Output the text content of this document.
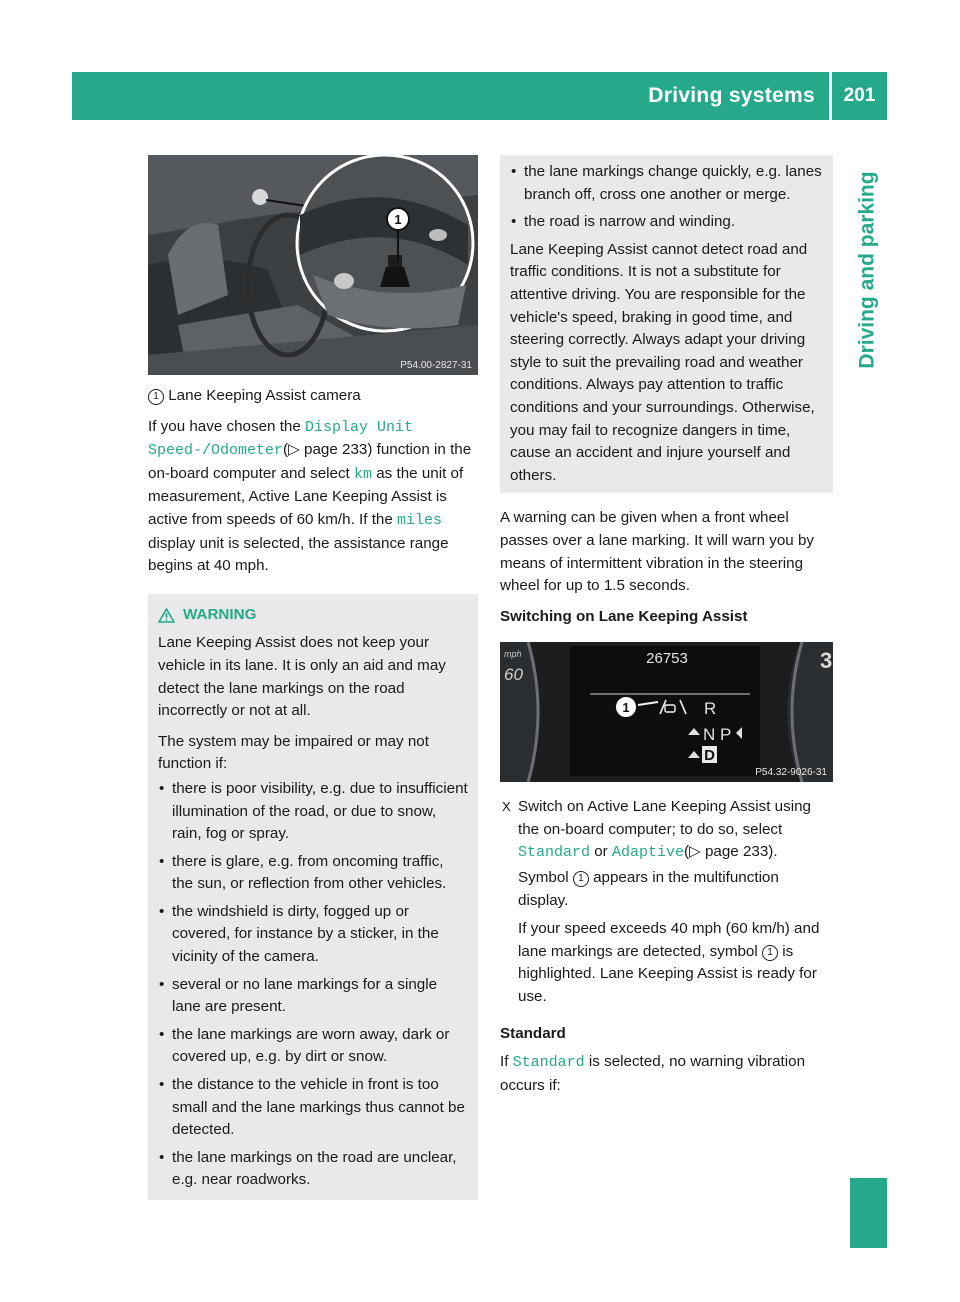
Driving systems	201
Driving and parking
1
P54.00-2827-31

1 Lane Keeping Assist camera

If you have chosen the Display Unit Speed-/Odometer(▷ page 233) function in the on-board computer and select km as the unit of measurement, Active Lane Keeping Assist is active from speeds of 60 km/h. If the miles display unit is selected, the assistance range begins at 40 mph.

WARNING

Lane Keeping Assist does not keep your vehicle in its lane. It is only an aid and may detect the lane markings on the road incorrectly or not at all.

The system may be impaired or may not function if:

• there is poor visibility, e.g. due to insufficient illumination of the road, or due to snow, rain, fog or spray.
• there is glare, e.g. from oncoming traffic, the sun, or reflection from other vehicles.
• the windshield is dirty, fogged up or covered, for instance by a sticker, in the vicinity of the camera.
• several or no lane markings for a single lane are present.
• the lane markings are worn away, dark or covered up, e.g. by dirt or snow.
• the distance to the vehicle in front is too small and the lane markings thus cannot be detected.
• the lane markings on the road are unclear, e.g. near roadworks.
• the lane markings change quickly, e.g. lanes branch off, cross one another or merge.
• the road is narrow and winding.

Lane Keeping Assist cannot detect road and traffic conditions. It is not a substitute for attentive driving. You are responsible for the vehicle's speed, braking in good time, and steering correctly. Always adapt your driving style to suit the prevailing road and weather conditions. Always pay attention to traffic conditions and your surroundings. Otherwise, you may fail to recognize dangers in time, cause an accident and injure yourself and others.

A warning can be given when a front wheel passes over a lane marking. It will warn you by means of intermittent vibration in the steering wheel for up to 1.5 seconds.

Switching on Lane Keeping Assist

26753
60
mph	3
1	R
N P
D
P54.32-9026-31
X Switch on Active Lane Keeping Assist using the on-board computer; to do so, select Standard or Adaptive(▷ page 233).

Symbol 1 appears in the multifunction display.

If your speed exceeds 40 mph (60 km/h) and lane markings are detected, symbol 1 is highlighted. Lane Keeping Assist is ready for use.

Standard

If Standard is selected, no warning vibration occurs if:
